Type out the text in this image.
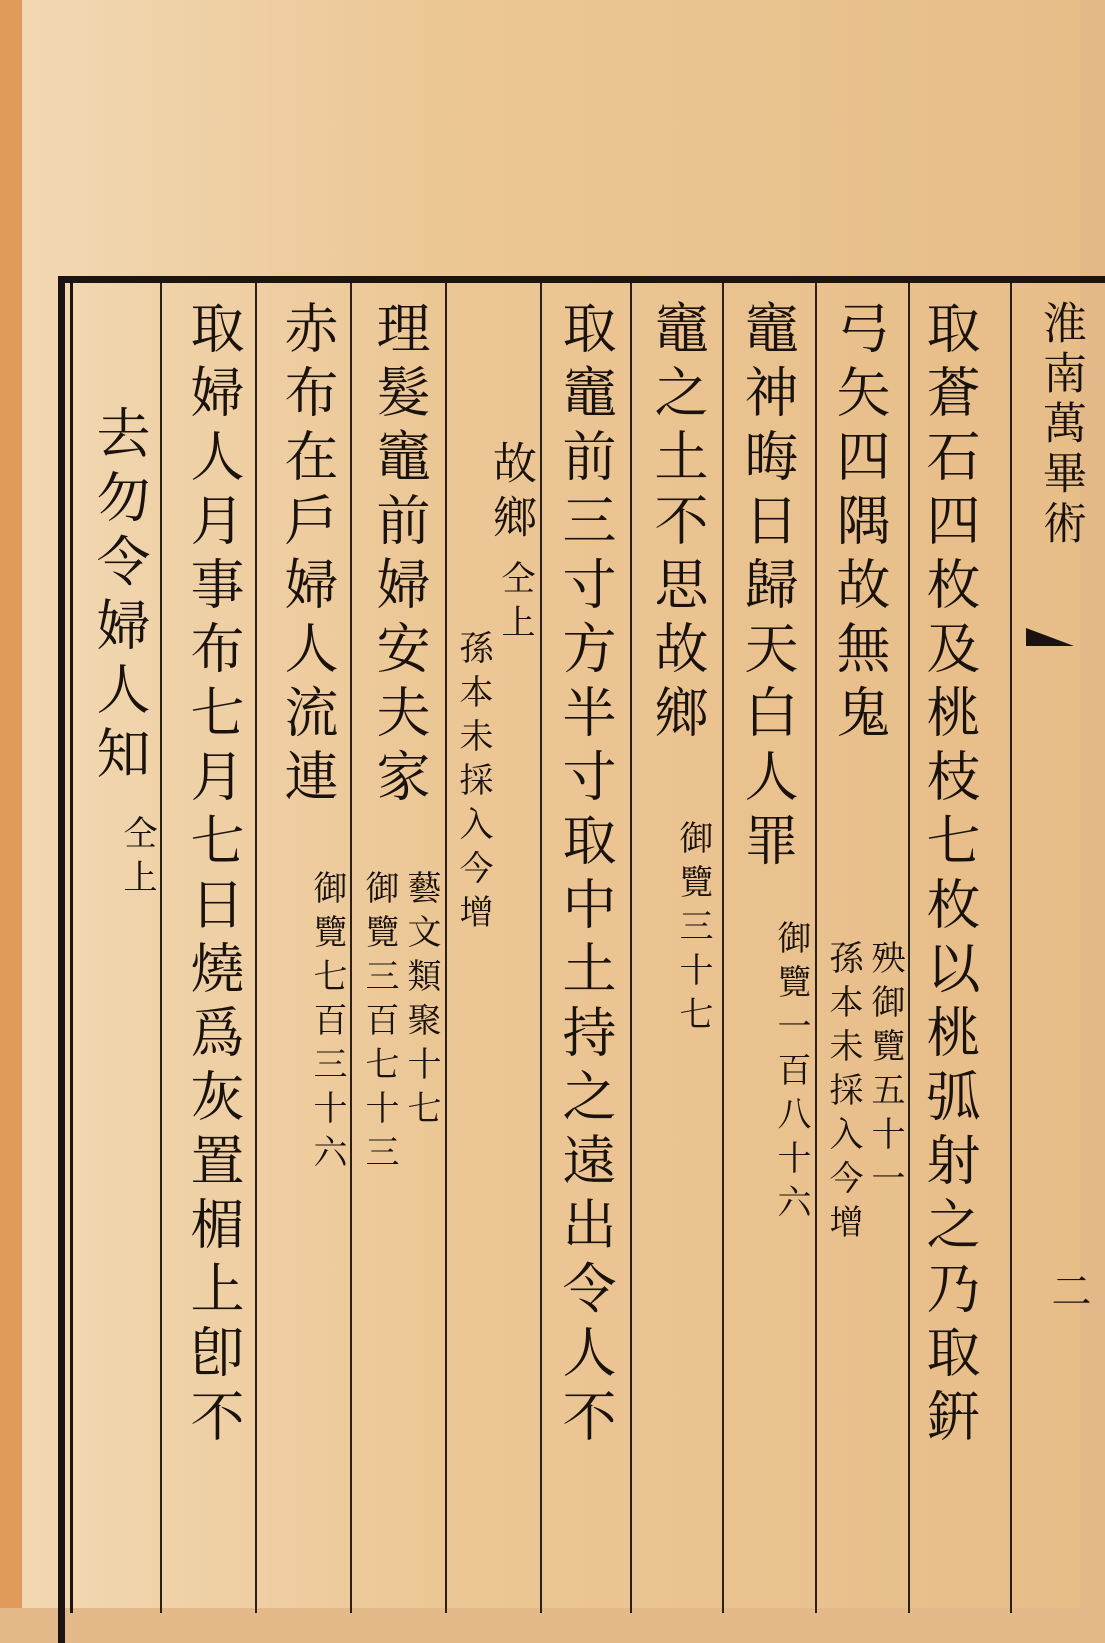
淮南萬畢術
二
取蒼石四枚及桃枝七枚以桃弧射之乃取銒
弓矢四隅故無鬼
殃御覽五十一
孫本未採入今增
竈神晦日歸天白人罪
御覽一百八十六
竈之土不思故鄉
御覽三十七
取竈前三寸方半寸取中土持之遠出令人不
故鄉
仝上
孫本未採入今增
理髮竈前婦安夫家
藝文類聚十七
御覽三百七十三
赤布在戶婦人流連
御覽七百三十六
取婦人月事布七月七日燒爲灰置楣上卽不
去勿令婦人知
仝上
